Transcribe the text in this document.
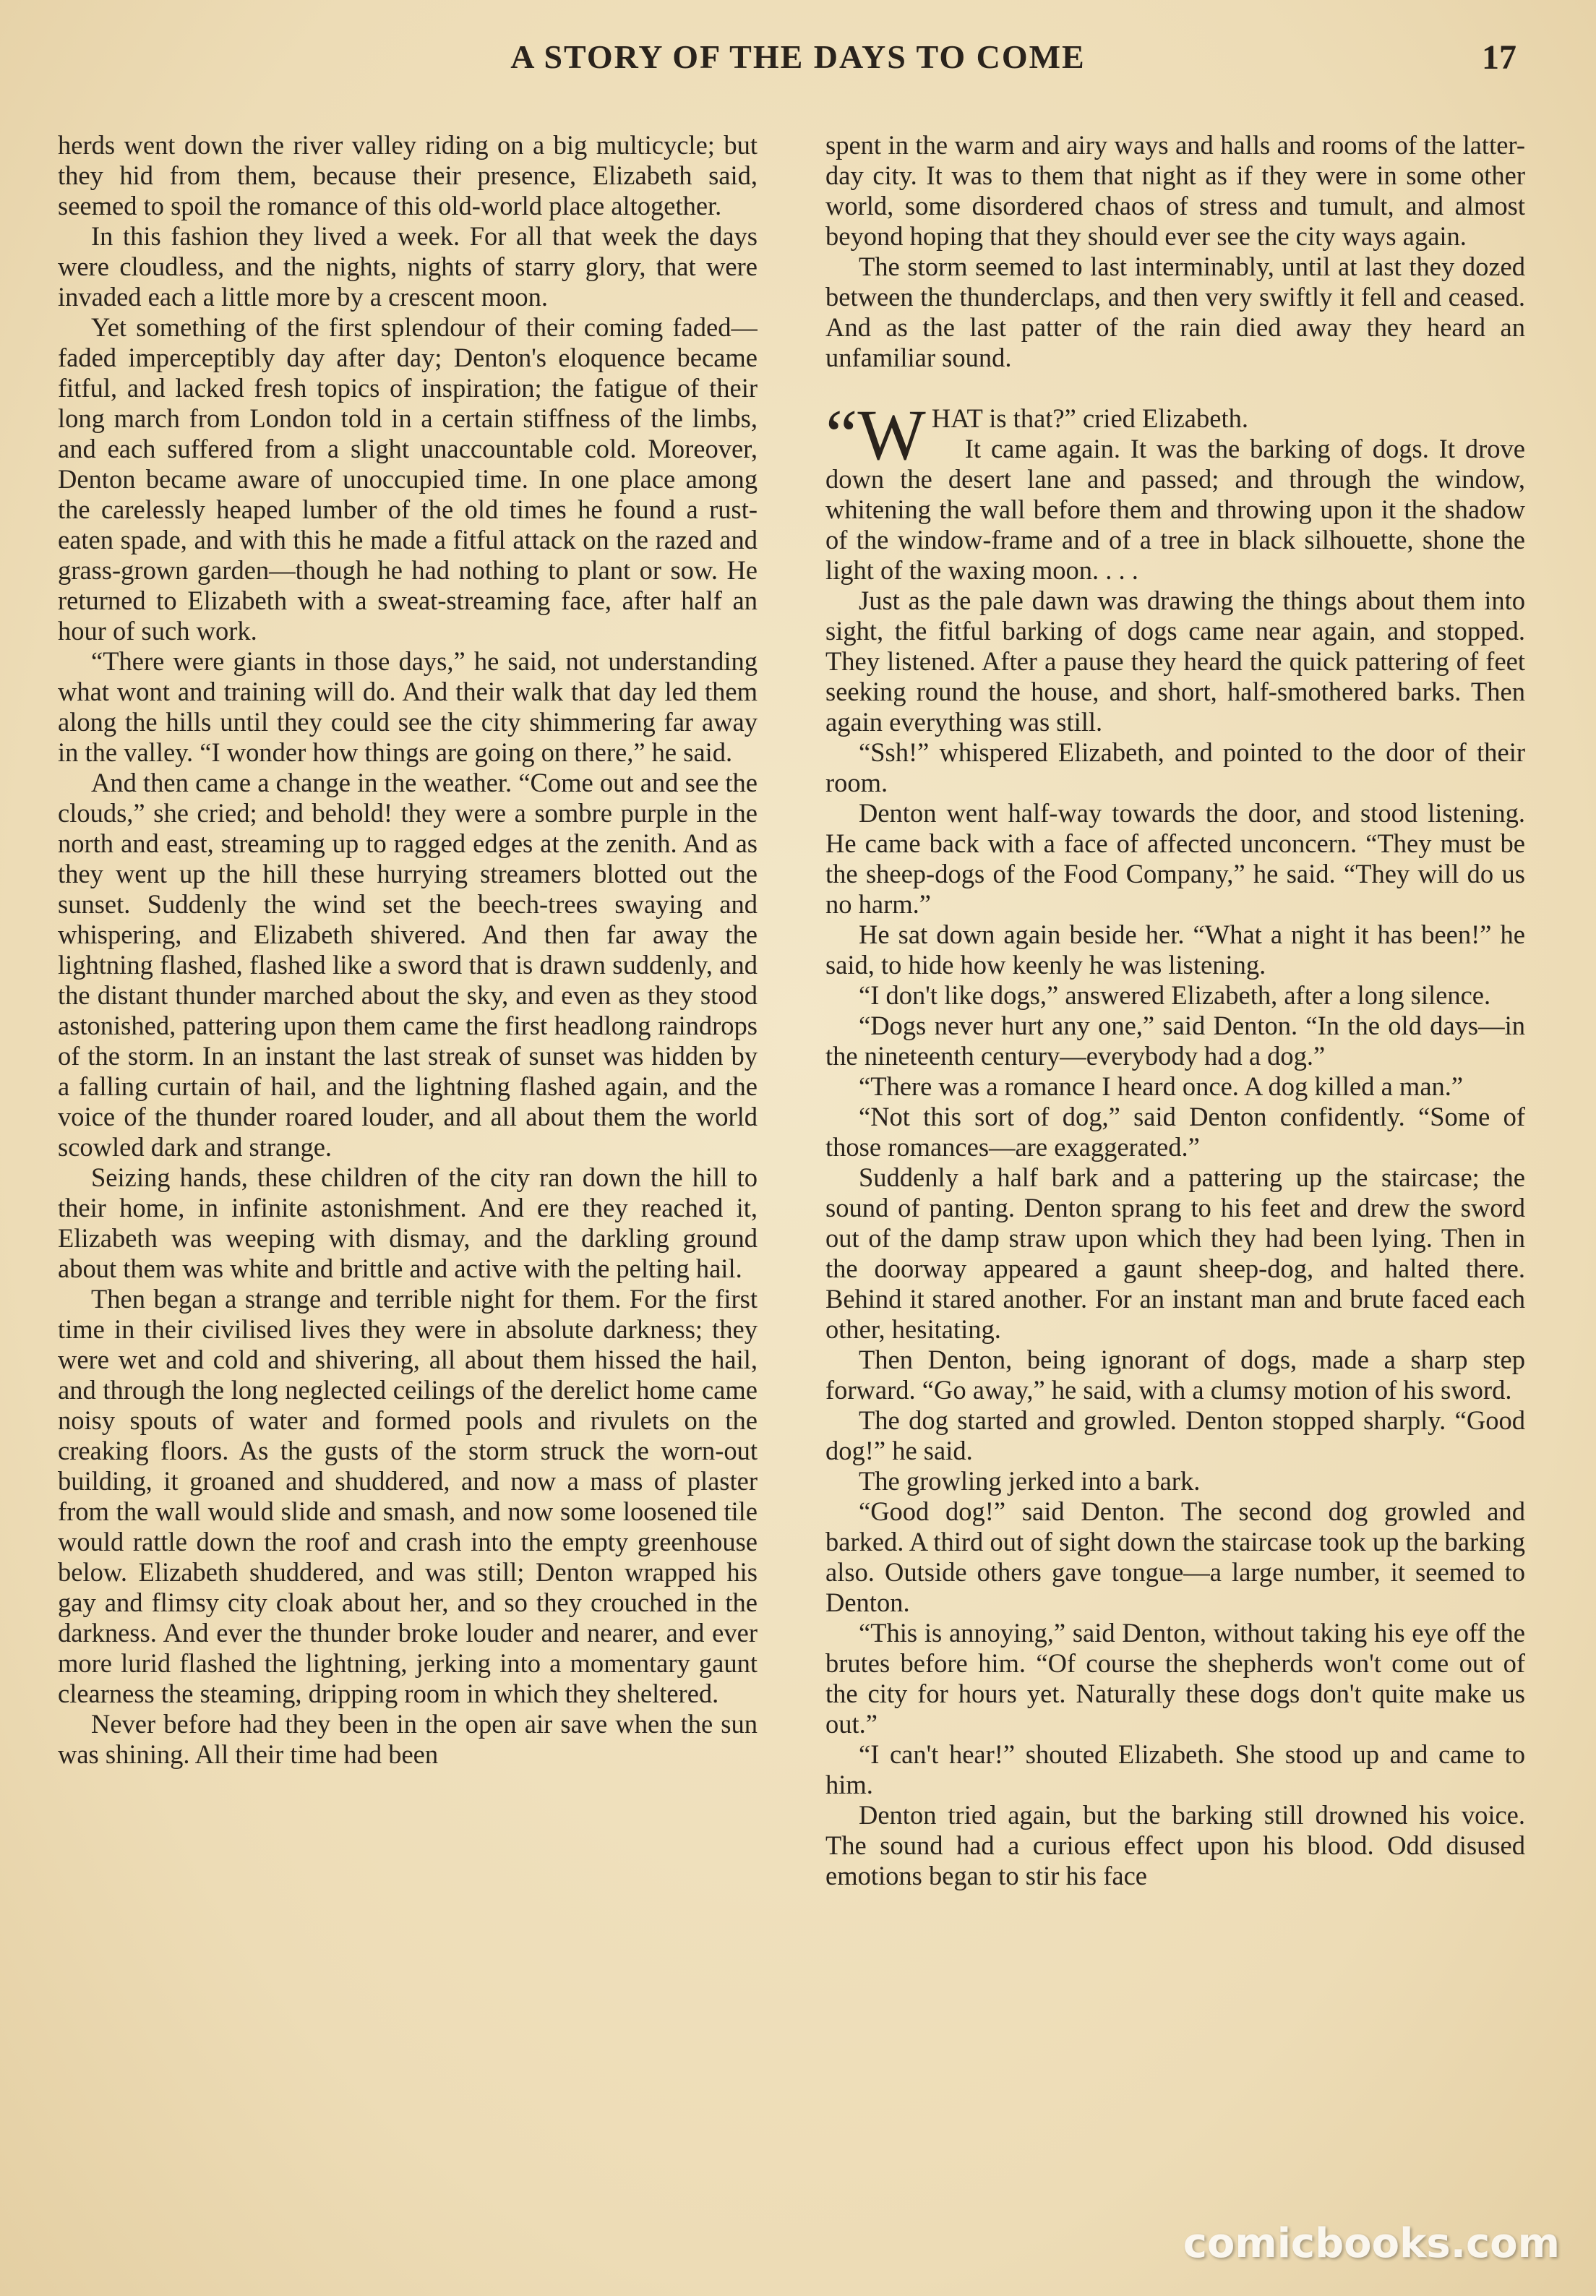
A STORY OF THE DAYS TO COME	17

herds went down the river valley riding on a big multicycle; but they hid from them, because their presence, Elizabeth said, seemed to spoil the romance of this old-world place altogether.

In this fashion they lived a week. For all that week the days were cloudless, and the nights, nights of starry glory, that were invaded each a little more by a crescent moon.

Yet something of the first splendour of their coming faded—faded imperceptibly day after day; Denton's eloquence became fitful, and lacked fresh topics of inspiration; the fatigue of their long march from London told in a certain stiffness of the limbs, and each suffered from a slight unaccountable cold. Moreover, Denton became aware of unoccupied time. In one place among the carelessly heaped lumber of the old times he found a rust-eaten spade, and with this he made a fitful attack on the razed and grass-grown garden—though he had nothing to plant or sow. He returned to Elizabeth with a sweat-streaming face, after half an hour of such work.

“There were giants in those days,” he said, not understanding what wont and training will do. And their walk that day led them along the hills until they could see the city shimmering far away in the valley. “I wonder how things are going on there,” he said.

And then came a change in the weather. “Come out and see the clouds,” she cried; and behold! they were a sombre purple in the north and east, streaming up to ragged edges at the zenith. And as they went up the hill these hurrying streamers blotted out the sunset. Suddenly the wind set the beech-trees swaying and whispering, and Elizabeth shivered. And then far away the lightning flashed, flashed like a sword that is drawn suddenly, and the distant thunder marched about the sky, and even as they stood astonished, pattering upon them came the first headlong raindrops of the storm. In an instant the last streak of sunset was hidden by a falling curtain of hail, and the lightning flashed again, and the voice of the thunder roared louder, and all about them the world scowled dark and strange.

Seizing hands, these children of the city ran down the hill to their home, in infinite astonishment. And ere they reached it, Elizabeth was weeping with dismay, and the darkling ground about them was white and brittle and active with the pelting hail.

Then began a strange and terrible night for them. For the first time in their civilised lives they were in absolute darkness; they were wet and cold and shivering, all about them hissed the hail, and through the long neglected ceilings of the derelict home came noisy spouts of water and formed pools and rivulets on the creaking floors. As the gusts of the storm struck the worn-out building, it groaned and shuddered, and now a mass of plaster from the wall would slide and smash, and now some loosened tile would rattle down the roof and crash into the empty greenhouse below. Elizabeth shuddered, and was still; Denton wrapped his gay and flimsy city cloak about her, and so they crouched in the darkness. And ever the thunder broke louder and nearer, and ever more lurid flashed the lightning, jerking into a momentary gaunt clearness the steaming, dripping room in which they sheltered.

Never before had they been in the open air save when the sun was shining. All their time had been

spent in the warm and airy ways and halls and rooms of the latter-day city. It was to them that night as if they were in some other world, some disordered chaos of stress and tumult, and almost beyond hoping that they should ever see the city ways again.

The storm seemed to last interminably, until at last they dozed between the thunderclaps, and then very swiftly it fell and ceased. And as the last patter of the rain died away they heard an unfamiliar sound.

“WHAT is that?” cried Elizabeth.
It came again. It was the barking of dogs. It drove down the desert lane and passed; and through the window, whitening the wall before them and throwing upon it the shadow of the window-frame and of a tree in black silhouette, shone the light of the waxing moon. . . .

Just as the pale dawn was drawing the things about them into sight, the fitful barking of dogs came near again, and stopped. They listened. After a pause they heard the quick pattering of feet seeking round the house, and short, half-smothered barks. Then again everything was still.

“Ssh!” whispered Elizabeth, and pointed to the door of their room.

Denton went half-way towards the door, and stood listening. He came back with a face of affected unconcern. “They must be the sheep-dogs of the Food Company,” he said. “They will do us no harm.”

He sat down again beside her. “What a night it has been!” he said, to hide how keenly he was listening.

“I don't like dogs,” answered Elizabeth, after a long silence.

“Dogs never hurt any one,” said Denton. “In the old days—in the nineteenth century—everybody had a dog.”

“There was a romance I heard once. A dog killed a man.”

“Not this sort of dog,” said Denton confidently. “Some of those romances—are exaggerated.”

Suddenly a half bark and a pattering up the staircase; the sound of panting. Denton sprang to his feet and drew the sword out of the damp straw upon which they had been lying. Then in the doorway appeared a gaunt sheep-dog, and halted there. Behind it stared another. For an instant man and brute faced each other, hesitating.

Then Denton, being ignorant of dogs, made a sharp step forward. “Go away,” he said, with a clumsy motion of his sword.

The dog started and growled. Denton stopped sharply. “Good dog!” he said.

The growling jerked into a bark.

“Good dog!” said Denton. The second dog growled and barked. A third out of sight down the staircase took up the barking also. Outside others gave tongue—a large number, it seemed to Denton.

“This is annoying,” said Denton, without taking his eye off the brutes before him. “Of course the shepherds won't come out of the city for hours yet. Naturally these dogs don't quite make us out.”

“I can't hear!” shouted Elizabeth. She stood up and came to him.

Denton tried again, but the barking still drowned his voice. The sound had a curious effect upon his blood. Odd disused emotions began to stir his face

comicbooks.com
